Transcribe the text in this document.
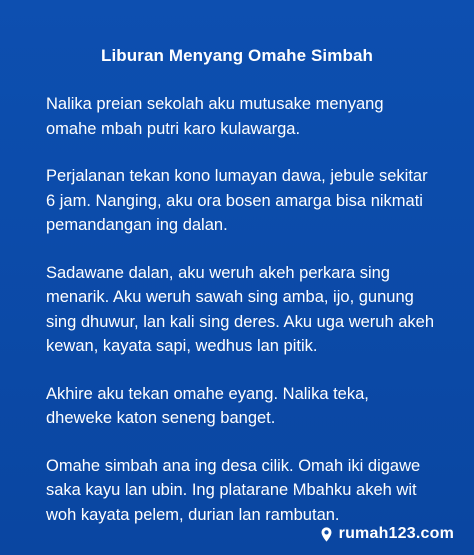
Liburan Menyang Omahe Simbah

Nalika preian sekolah aku mutusake menyang omahe mbah putri karo kulawarga.

Perjalanan tekan kono lumayan dawa, jebule sekitar 6 jam. Nanging, aku ora bosen amarga bisa nikmati pemandangan ing dalan.

Sadawane dalan, aku weruh akeh perkara sing menarik. Aku weruh sawah sing amba, ijo, gunung sing dhuwur, lan kali sing deres. Aku uga weruh akeh kewan, kayata sapi, wedhus lan pitik.

Akhire aku tekan omahe eyang. Nalika teka, dheweke katon seneng banget.

Omahe simbah ana ing desa cilik. Omah iki digawe saka kayu lan ubin. Ing platarane Mbahku akeh wit woh kayata pelem, durian lan rambutan.

rumah123.com
